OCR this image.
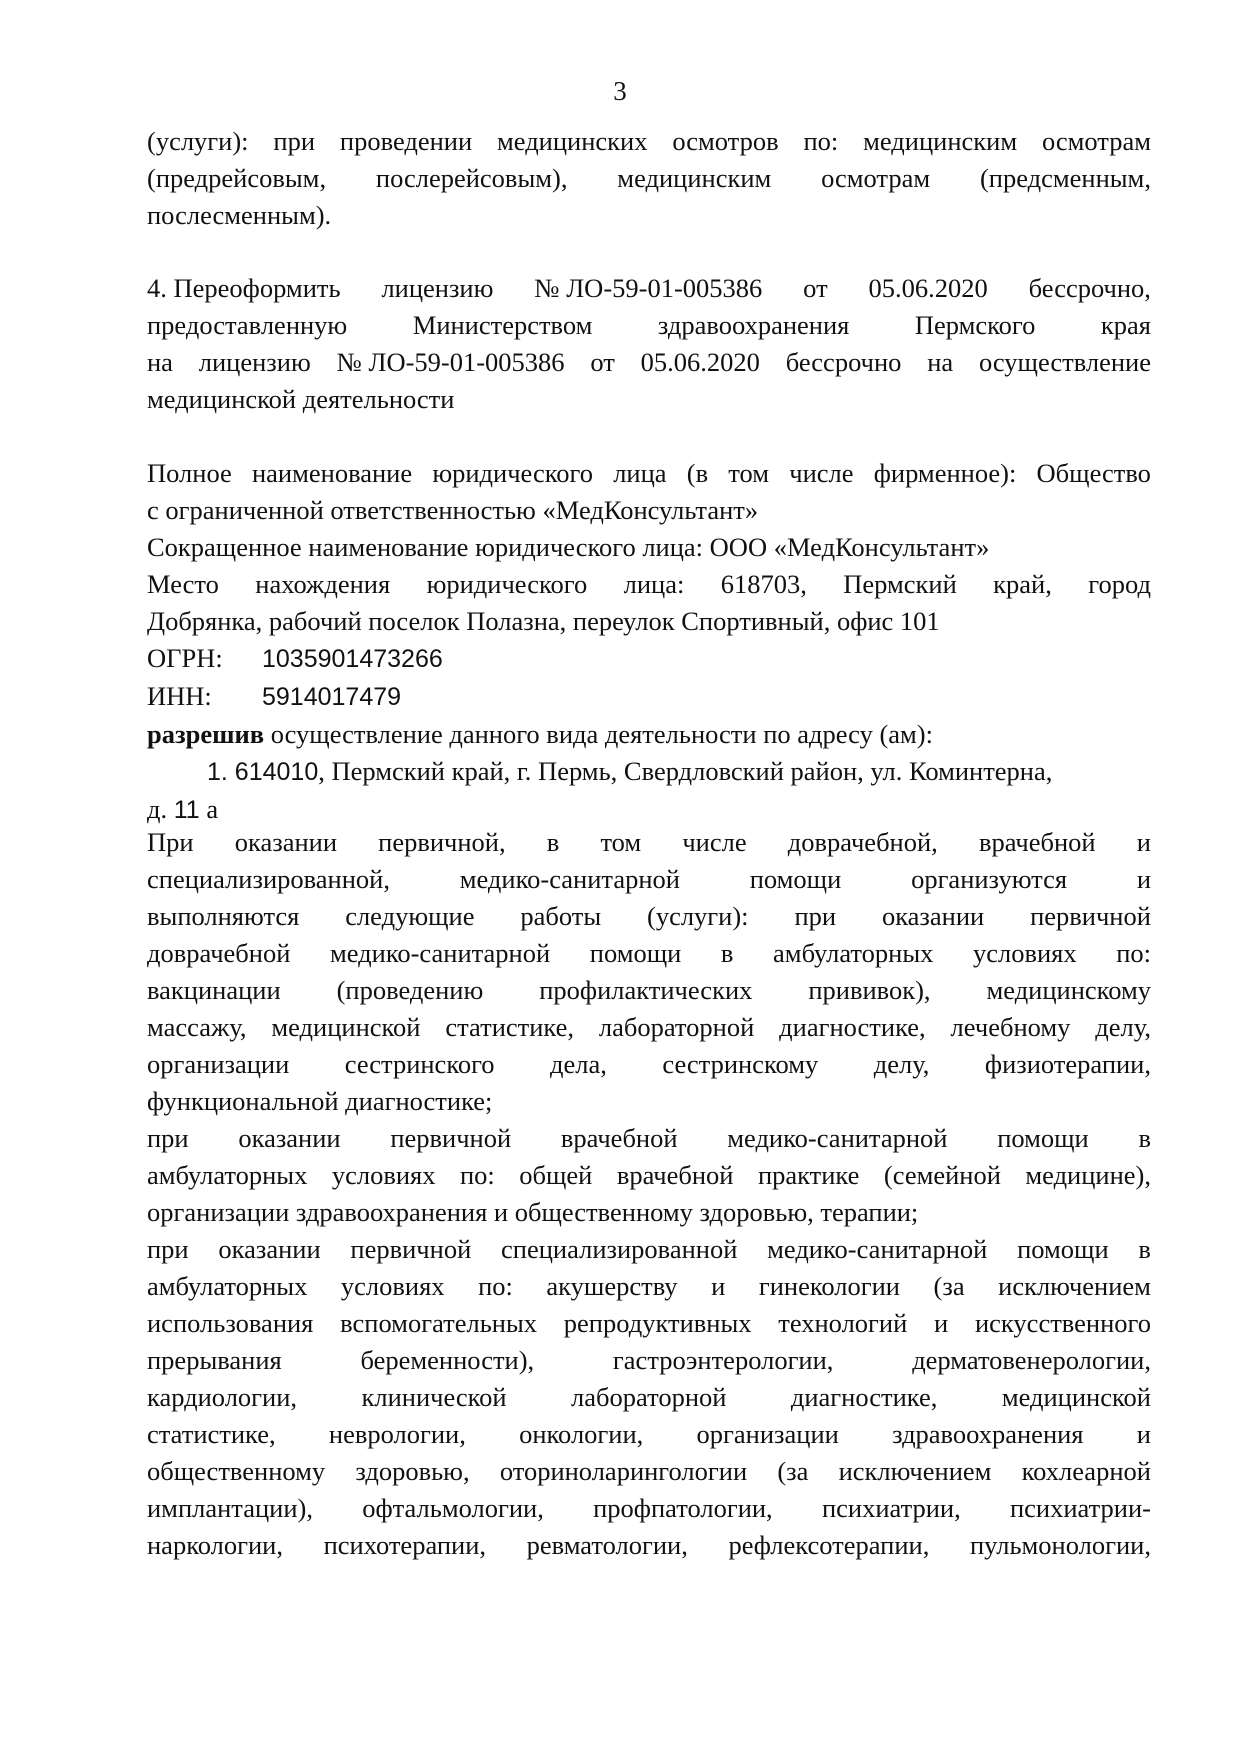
3
(услуги): при проведении медицинских осмотров по: медицинским осмотрам
(предрейсовым, послерейсовым), медицинским осмотрам (предсменным,
послесменным).
4. Переоформить лицензию № ЛО-59-01-005386 от 05.06.2020 бессрочно,
предоставленную Министерством здравоохранения Пермского края
на лицензию № ЛО-59-01-005386 от 05.06.2020 бессрочно на осуществление
медицинской деятельности
Полное наименование юридического лица (в том числе фирменное): Общество
с ограниченной ответственностью «МедКонсультант»
Сокращенное наименование юридического лица: ООО «МедКонсультант»
Место нахождения юридического лица: 618703, Пермский край, город
Добрянка, рабочий поселок Полазна, переулок Спортивный, офис 101
ОГРН: 1035901473266
ИНН: 5914017479
разрешив осуществление данного вида деятельности по адресу (ам):
1. 614010, Пермский край, г. Пермь, Свердловский район, ул. Коминтерна,
д. 11 а
При оказании первичной, в том числе доврачебной, врачебной и
специализированной,	медико-санитарной	помощи	организуются	и
выполняются следующие работы (услуги): при оказании первичной
доврачебной медико-санитарной помощи в амбулаторных условиях по:
вакцинации (проведению профилактических прививок), медицинскому
массажу, медицинской статистике, лабораторной диагностике, лечебному делу,
организации сестринского дела, сестринскому делу, физиотерапии,
функциональной диагностике;
при оказании первичной врачебной медико-санитарной помощи в
амбулаторных условиях по: общей врачебной практике (семейной медицине),
организации здравоохранения и общественному здоровью, терапии;
при оказании первичной специализированной медико-санитарной помощи в
амбулаторных условиях по: акушерству и гинекологии (за исключением
использования вспомогательных репродуктивных технологий и искусственного
прерывания	беременности),	гастроэнтерологии,	дерматовенерологии,
кардиологии, клинической лабораторной диагностике, медицинской
статистике, неврологии, онкологии, организации здравоохранения и
общественному здоровью, оториноларингологии (за исключением кохлеарной
имплантации), офтальмологии, профпатологии, психиатрии, психиатрии-
наркологии, психотерапии, ревматологии, рефлексотерапии, пульмонологии,
